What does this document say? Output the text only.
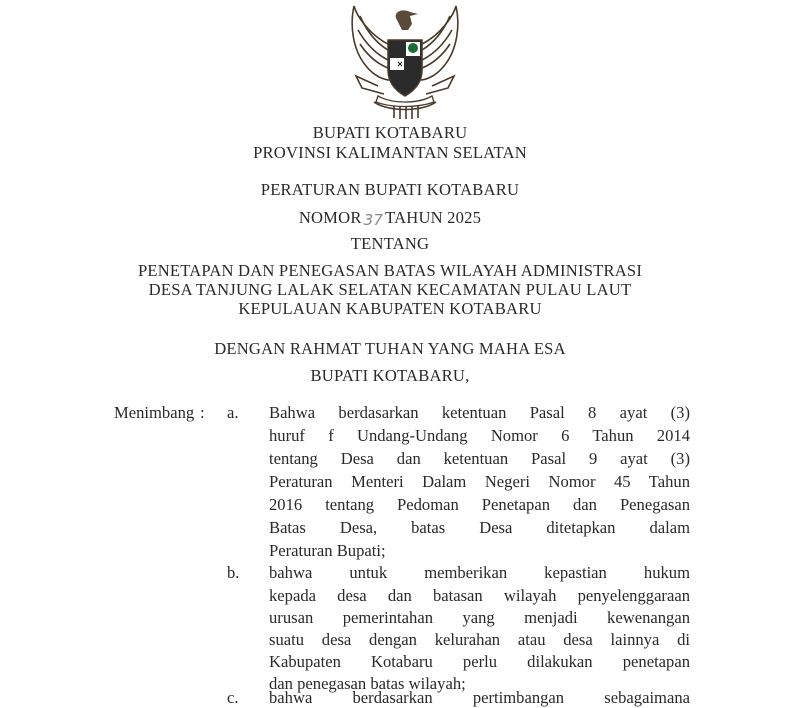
BUPATI KOTABARU
PROVINSI KALIMANTAN SELATAN
PERATURAN BUPATI KOTABARU
NOMOR 37 TAHUN 2025
TENTANG
PENETAPAN DAN PENEGASAN BATAS WILAYAH ADMINISTRASI
DESA TANJUNG LALAK SELATAN KECAMATAN PULAU LAUT
KEPULAUAN KABUPATEN KOTABARU
DENGAN RAHMAT TUHAN YANG MAHA ESA
BUPATI KOTABARU,
Menimbang : a. Bahwa berdasarkan ketentuan Pasal 8 ayat (3)
huruf f Undang-Undang Nomor 6 Tahun 2014
tentang Desa dan ketentuan Pasal 9 ayat (3)
Peraturan Menteri Dalam Negeri Nomor 45 Tahun
2016 tentang Pedoman Penetapan dan Penegasan
Batas Desa, batas Desa ditetapkan dalam
Peraturan Bupati;
b. bahwa untuk memberikan kepastian hukum
kepada desa dan batasan wilayah penyelenggaraan
urusan pemerintahan yang menjadi kewenangan
suatu desa dengan kelurahan atau desa lainnya di
Kabupaten Kotabaru perlu dilakukan penetapan
dan penegasan batas wilayah;
c. bahwa berdasarkan pertimbangan sebagaimana
